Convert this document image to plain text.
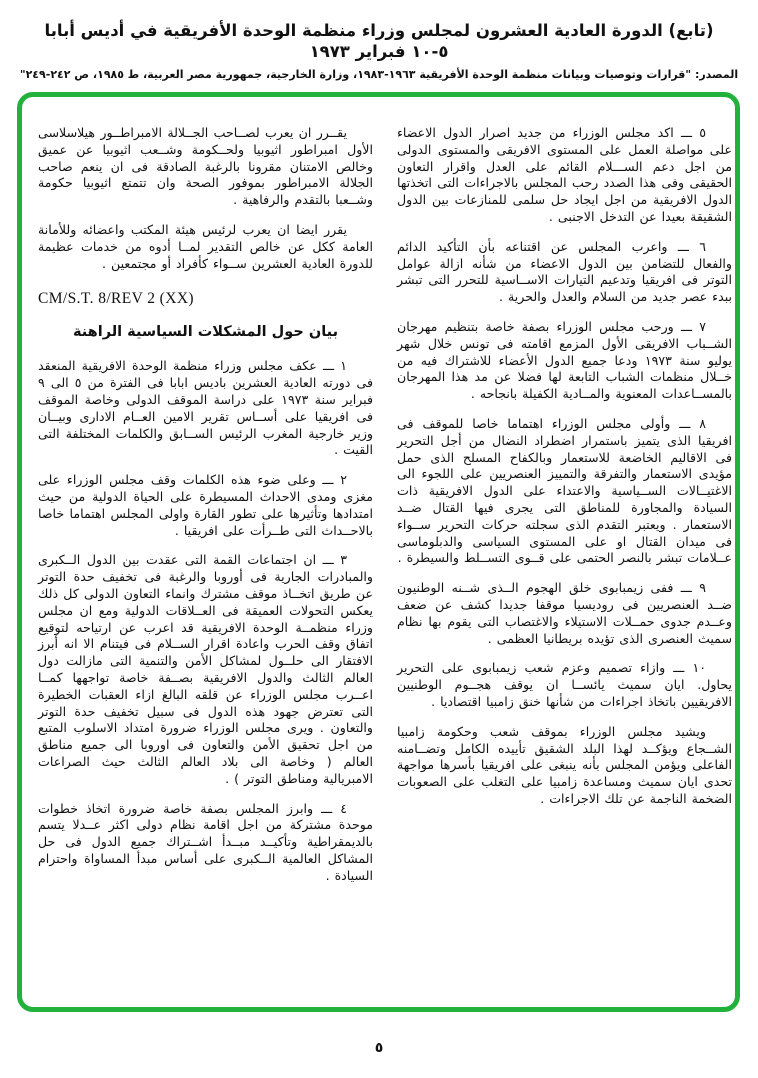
(تابع) الدورة العادية العشرون لمجلس وزراء منظمة الوحدة الأفريقية في أديس أبابا ٥-١٠ فبراير ١٩٧٣
المصدر: "قرارات وتوصيات وبيانات منظمة الوحدة الأفريقية ١٩٦٣-١٩٨٣، وزارة الخارجية، جمهورية مصر العربية، ط ١٩٨٥، ص ٢٤٢-٢٤٩"

يقــرر ان يعرب لصــاحب الجــلالة الامبراطــور هيلاسلاسى الأول امبراطور اثيوبيا ولحــكومة وشــعب اثيوبيا عن عميق وخالص الامتنان مقرونا بالرغبة الصادقة فى ان ينعم صاحب الجلالة الامبراطور بموفور الصحة وان تتمتع اثيوبيا حكومة وشــعبا بالتقدم والرفاهية .

يقرر ايضا ان يعرب لرئيس هيئة المكتب واعضائه وللأمانة العامة ككل عن خالص التقدير لمــا أدوه من خدمات عظيمة للدورة العادية العشرين ســواء كأفراد أو مجتمعين .

CM/S.T. 8/REV 2 (XX)
بيان حول المشكلات السياسية الراهنة

١ ـــ عكف مجلس وزراء منظمة الوحدة الافريقية المنعقد فى دورته العادية العشرين باديس ابابا فى الفترة من ٥ الى ٩ فبراير سنة ١٩٧٣ على دراسة الموقف الدولى وخاصة الموقف فى افريقيا على أســاس تقرير الامين العــام الادارى وبيــان وزير خارجية المغرب الرئيس الســابق والكلمات المختلفة التى القيت .

٢ ـــ وعلى ضوء هذه الكلمات وقف مجلس الوزراء على مغزى ومدى الاحداث المسيطرة على الحياة الدولية من حيث امتدادها وتأثيرها على تطور القارة واولى المجلس اهتماما خاصا بالاحــداث التى طــرأت على افريقيا .

٣ ـــ ان اجتماعات القمة التى عقدت بين الدول الــكبرى والمبادرات الجارية فى أوروبا والرغبة فى تخفيف حدة التوتر عن طريق اتخــاذ موقف مشترك وانماء التعاون الدولى كل ذلك يعكس التحولات العميقة فى العــلاقات الدولية ومع ان مجلس وزراء منظمــة الوحدة الافريقية قد اعرب عن ارتياحه لتوقيع اتفاق وقف الحرب واعادة اقرار الســلام فى فيتنام الا انه أبرز الافتقار الى حلــول لمشاكل الأمن والتنمية التى مازالت دول العالم الثالث والدول الافريقية بصــفة خاصة تواجهها كمــا اعــرب مجلس الوزراء عن قلقه البالغ ازاء العقبات الخطيرة التى تعترض جهود هذه الدول فى سبيل تخفيف حدة التوتر والتعاون . ويرى مجلس الوزراء ضرورة امتداد الاسلوب المتبع من اجل تحقيق الأمن والتعاون فى اوروبا الى جميع مناطق العالم ( وخاصة الى بلاد العالم الثالث حيث الصراعات الامبريالية ومناطق التوتر ) .

٤ ـــ وابرز المجلس بصفة خاصة ضرورة اتخاذ خطوات موحدة مشتركة من اجل اقامة نظام دولى اكثر عــدلا يتسم بالديمقراطية وتأكيــد مبــدأ اشــتراك جميع الدول فى حل المشاكل العالمية الــكبرى على أساس مبدأ المساواة واحترام السيادة .

٥ ـــ اكد مجلس الوزراء من جديد اصرار الدول الاعضاء على مواصلة العمل على المستوى الافريقى والمستوى الدولى من اجل دعم الســـلام القائم على العدل واقرار التعاون الحقيقى وفى هذا الصدد رحب المجلس بالاجراءات التى اتخذتها الدول الافريقية من اجل ايجاد حل سلمى للمنازعات بين الدول الشقيقة بعيدا عن التدخل الاجنبى .

٦ ـــ واعرب المجلس عن اقتناعه بأن التأكيد الدائم والفعال للتضامن بين الدول الاعضاء من شأنه ازالة عوامل التوتر فى افريقيا وتدعيم التيارات الاســاسية للتحرر التى تبشر ببدء عصر جديد من السلام والعدل والحرية .

٧ ـــ ورحب مجلس الوزراء بصفة خاصة بتنظيم مهرجان الشــباب الافريقى الأول المزمع اقامته فى تونس خلال شهر يوليو سنة ١٩٧٣ ودعا جميع الدول الأعضاء للاشتراك فيه من خــلال منظمات الشباب التابعة لها فضلا عن مد هذا المهرجان بالمســاعدات المعنوية والمــادية الكفيلة بانجاحه .

٨ ـــ وأولى مجلس الوزراء اهتماما خاصا للموقف فى افريقيا الذى يتميز باستمرار اضطراد النضال من أجل التحرير فى الاقاليم الخاضعة للاستعمار وبالكفاح المسلح الذى حمل مؤيدى الاستعمار والتفرقة والتمييز العنصريين على اللجوء الى الاغتيــالات الســياسية والاعتداء على الدول الافريقية ذات السيادة والمجاورة للمناطق التى يجرى فيها القتال ضــد الاستعمار . ويعتبر التقدم الذى سجلته حركات التحرير ســواء فى ميدان القتال او على المستوى السياسى والدبلوماسى عــلامات تبشر بالنصر الحتمى على قــوى التســلط والسيطرة .

٩ ـــ ففى زيمبابوى خلق الهجوم الــذى شــنه الوطنيون ضــد العنصريين فى روديسيا موقفا جديدا كشف عن ضعف وعــدم جدوى حمــلات الاستيلاء والاغتصاب التى يقوم بها نظام سميث العنصرى الذى تؤيده بريطانيا العظمى .

١٠ ـــ وازاء تصميم وعزم شعب زيمبابوى على التحرير يحاول. ايان سميث يائســا ان يوقف هجــوم الوطنيين الافريقيين باتخاذ اجراءات من شأنها خنق زامبيا اقتصاديا .

ويشيد مجلس الوزراء بموقف شعب وحكومة زامبيا الشــجاع ويؤكــد لهذا البلد الشقيق تأييده الكامل وتضــامنه الفاعلى ويؤمن المجلس بأنه ينبغى على افريقيا بأسرها مواجهة تحدى ايان سميث ومساعدة زامبيا على التغلب على الصعوبات الضخمة الناجمة عن تلك الاجراءات .

٥
